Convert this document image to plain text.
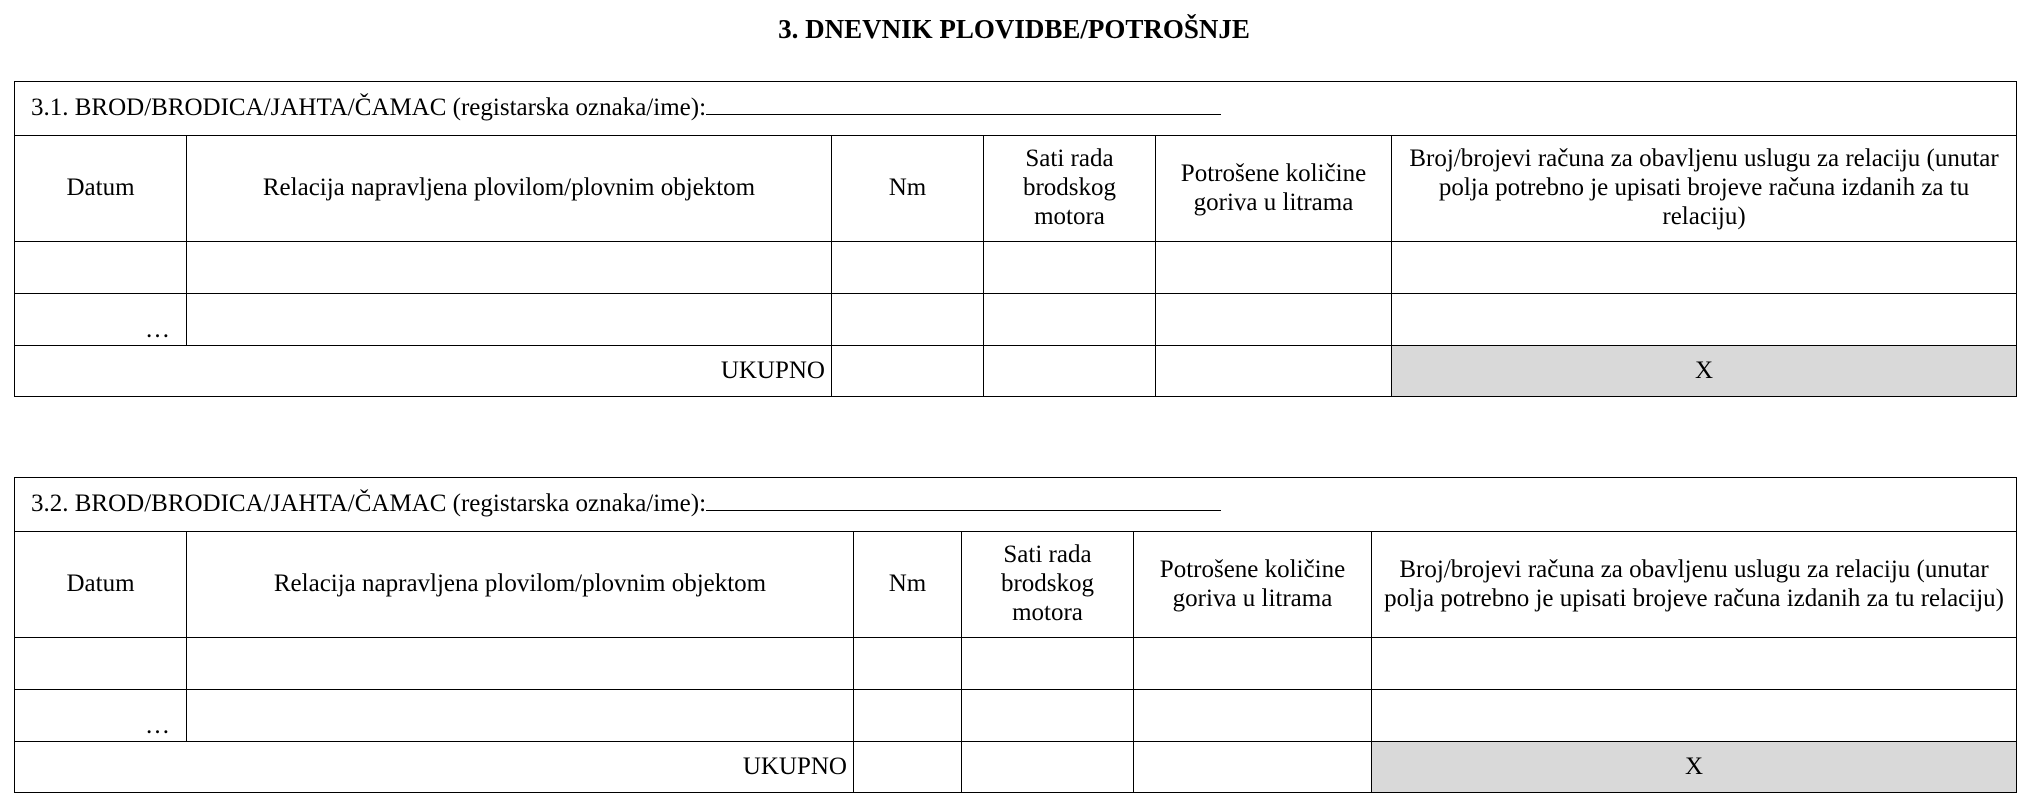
3. DNEVNIK PLOVIDBE/POTROŠNJE
3.1. BROD/BRODICA/JAHTA/ČAMAC (registarska oznaka/ime):					
Datum	Relacija napravljena plovilom/plovnim objektom	Nm	Sati rada brodskog motora	Potrošene količine goriva u litrama	Broj/brojevi računa za obavljenu uslugu za relaciju (unutar polja potrebno je upisati brojeve računa izdanih za tu relaciju)

…					
UKUPNO					X
3.2. BROD/BRODICA/JAHTA/ČAMAC (registarska oznaka/ime):					
Datum	Relacija napravljena plovilom/plovnim objektom	Nm	Sati rada brodskog motora	Potrošene količine goriva u litrama	Broj/brojevi računa za obavljenu uslugu za relaciju (unutar polja potrebno je upisati brojeve računa izdanih za tu relaciju)

…					
UKUPNO					X
